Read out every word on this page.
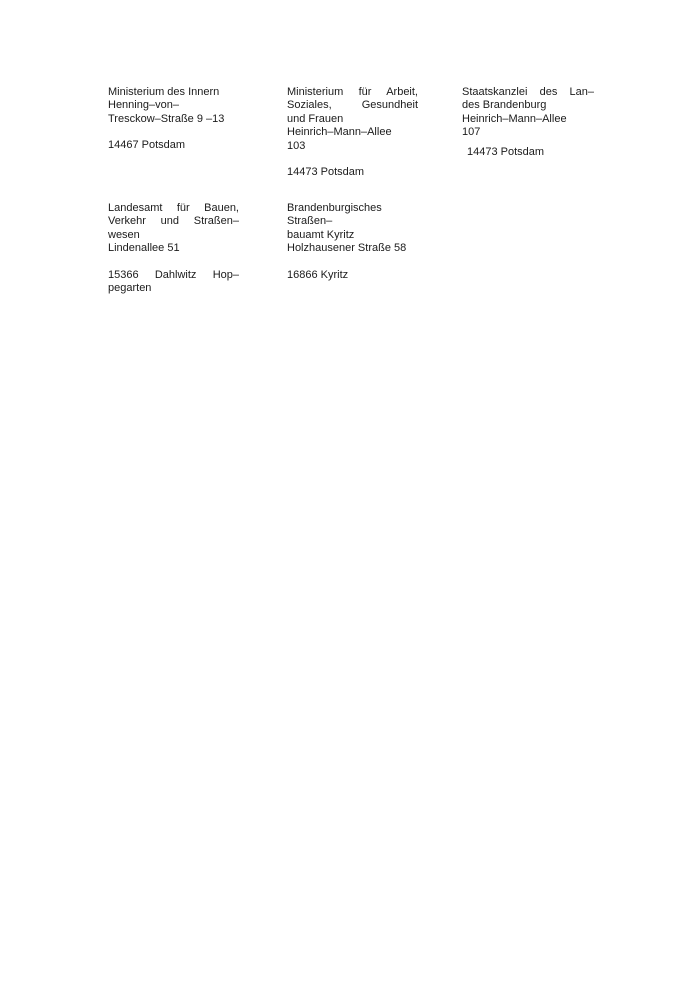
Ministerium des Innern
Henning–von–
Tresckow–Straße 9 –13
14467 Potsdam
Ministerium für Arbeit,
Soziales, Gesundheit
und Frauen
Heinrich–Mann–Allee
103
14473 Potsdam
Staatskanzlei des Lan–
des Brandenburg
Heinrich–Mann–Allee
107
14473 Potsdam
Landesamt für Bauen,
Verkehr und Straßen–
wesen
Lindenallee 51
15366 Dahlwitz Hop–
pegarten
Brandenburgisches
Straßen–
bauamt Kyritz
Holzhausener Straße 58
16866 Kyritz
